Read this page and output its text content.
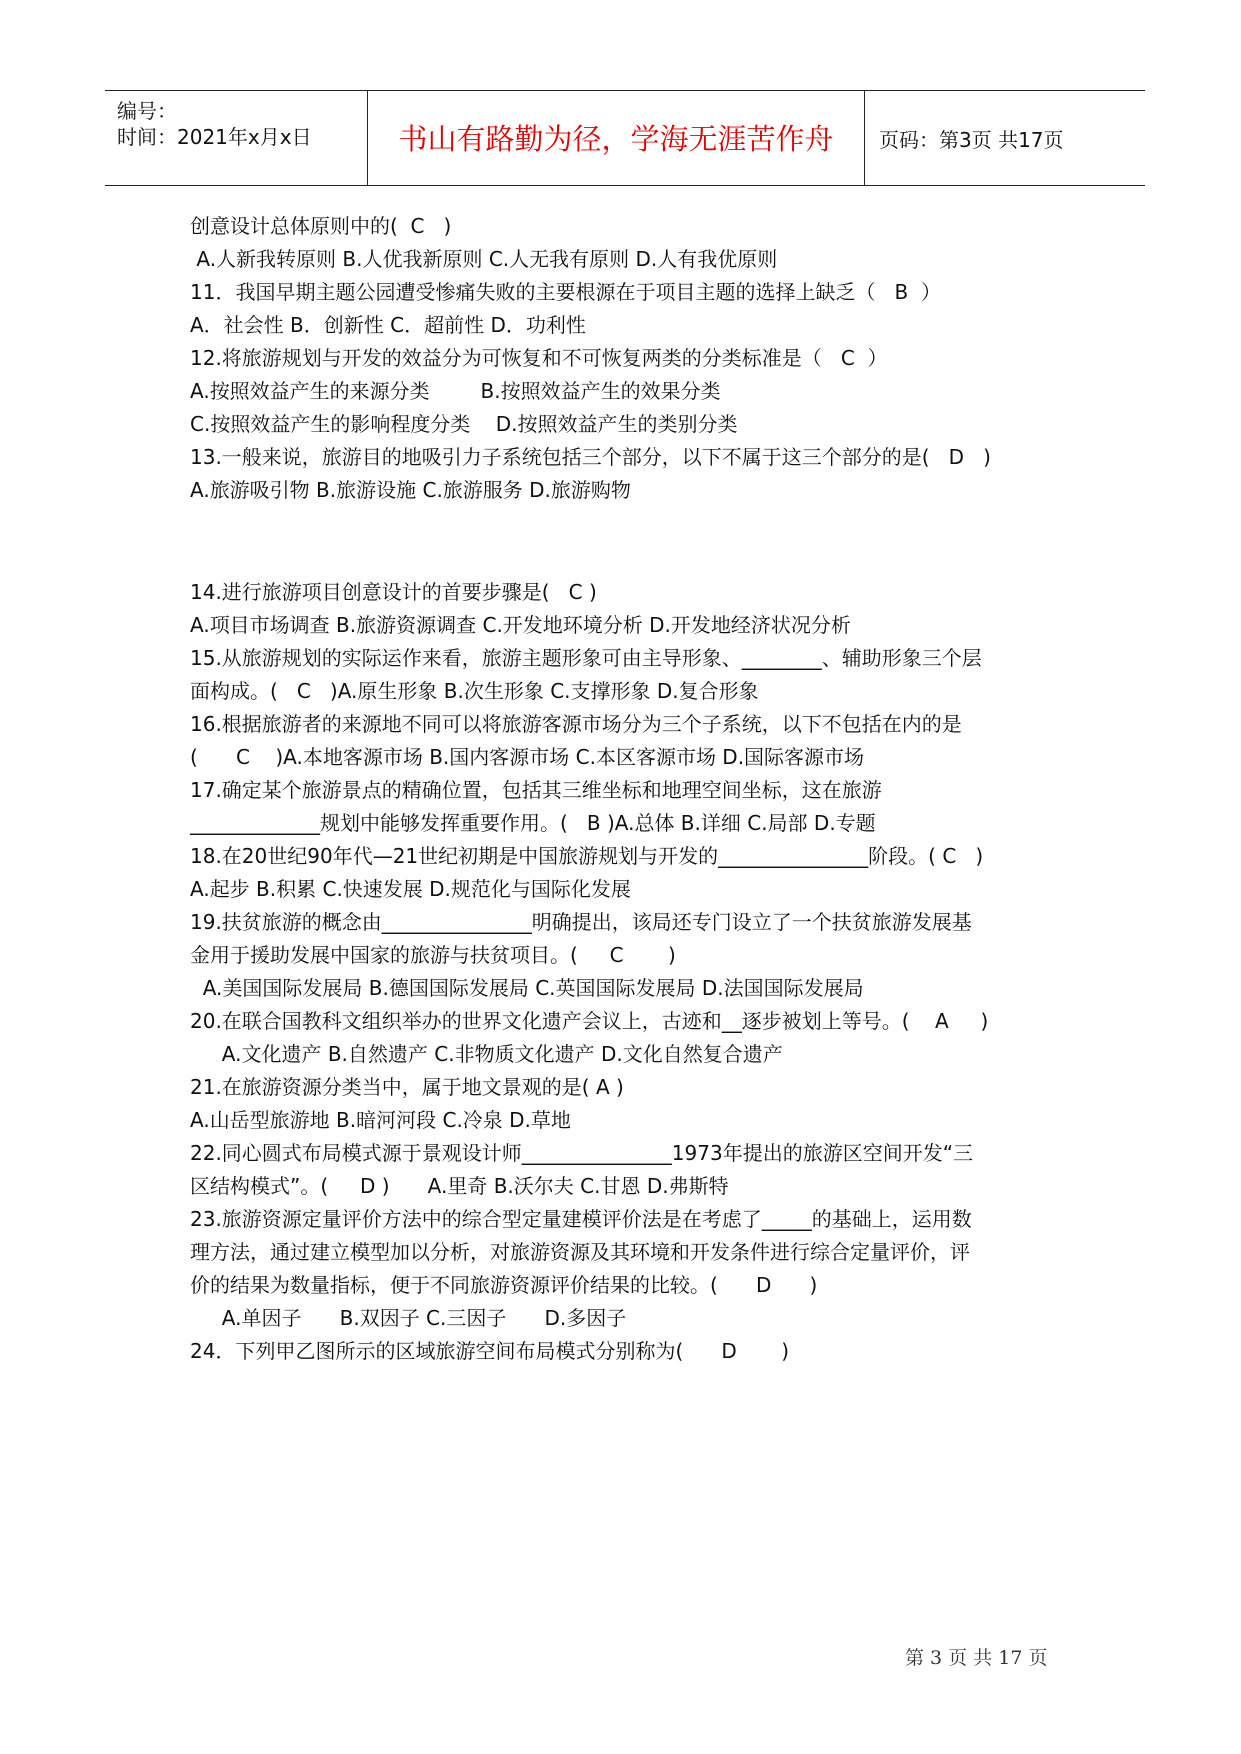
编号：
时间：2021年x月x日	书山有路勤为径，学海无涯苦作舟	页码：第3页 共17页
创意设计总体原则中的(  C   )
A.人新我转原则 B.人优我新原则 C.人无我有原则 D.人有我优原则
11．我国早期主题公园遭受惨痛失败的主要根源在于项目主题的选择上缺乏（   B  ）
A．社会性 B．创新性 C．超前性 D．功利性
12.将旅游规划与开发的效益分为可恢复和不可恢复两类的分类标准是（   C  ）
A.按照效益产生的来源分类        B.按照效益产生的效果分类
C.按照效益产生的影响程度分类    D.按照效益产生的类别分类
13.一般来说，旅游目的地吸引力子系统包括三个部分，以下不属于这三个部分的是(   D   )
A.旅游吸引物 B.旅游设施 C.旅游服务 D.旅游购物
14.进行旅游项目创意设计的首要步骤是(   C )
A.项目市场调查 B.旅游资源调查 C.开发地环境分析 D.开发地经济状况分析
15.从旅游规划的实际运作来看，旅游主题形象可由主导形象、________、辅助形象三个层
面构成。(   C   )A.原生形象 B.次生形象 C.支撑形象 D.复合形象
16.根据旅游者的来源地不同可以将旅游客源市场分为三个子系统，以下不包括在内的是
(      C    )A.本地客源市场 B.国内客源市场 C.本区客源市场 D.国际客源市场
17.确定某个旅游景点的精确位置，包括其三维坐标和地理空间坐标，这在旅游
_____________规划中能够发挥重要作用。(   B )A.总体 B.详细 C.局部 D.专题
18.在20世纪90年代—21世纪初期是中国旅游规划与开发的_______________阶段。( C   )
A.起步 B.积累 C.快速发展 D.规范化与国际化发展
19.扶贫旅游的概念由_______________明确提出，该局还专门设立了一个扶贫旅游发展基
金用于援助发展中国家的旅游与扶贫项目。(     C       )
A.美国国际发展局 B.德国国际发展局 C.英国国际发展局 D.法国国际发展局
20.在联合国教科文组织举办的世界文化遗产会议上，古迹和__逐步被划上等号。(    A     )
A.文化遗产 B.自然遗产 C.非物质文化遗产 D.文化自然复合遗产
21.在旅游资源分类当中，属于地文景观的是( A )
A.山岳型旅游地 B.暗河河段 C.冷泉 D.草地
22.同心圆式布局模式源于景观设计师_______________1973年提出的旅游区空间开发“三
区结构模式”。(     D )      A.里奇 B.沃尔夫 C.甘恩 D.弗斯特
23.旅游资源定量评价方法中的综合型定量建模评价法是在考虑了_____的基础上，运用数
理方法，通过建立模型加以分析，对旅游资源及其环境和开发条件进行综合定量评价，评
价的结果为数量指标，便于不同旅游资源评价结果的比较。(      D      )
A.单因子      B.双因子 C.三因子      D.多因子
24．下列甲乙图所示的区域旅游空间布局模式分别称为(      D       )
第 3 页 共 17 页
